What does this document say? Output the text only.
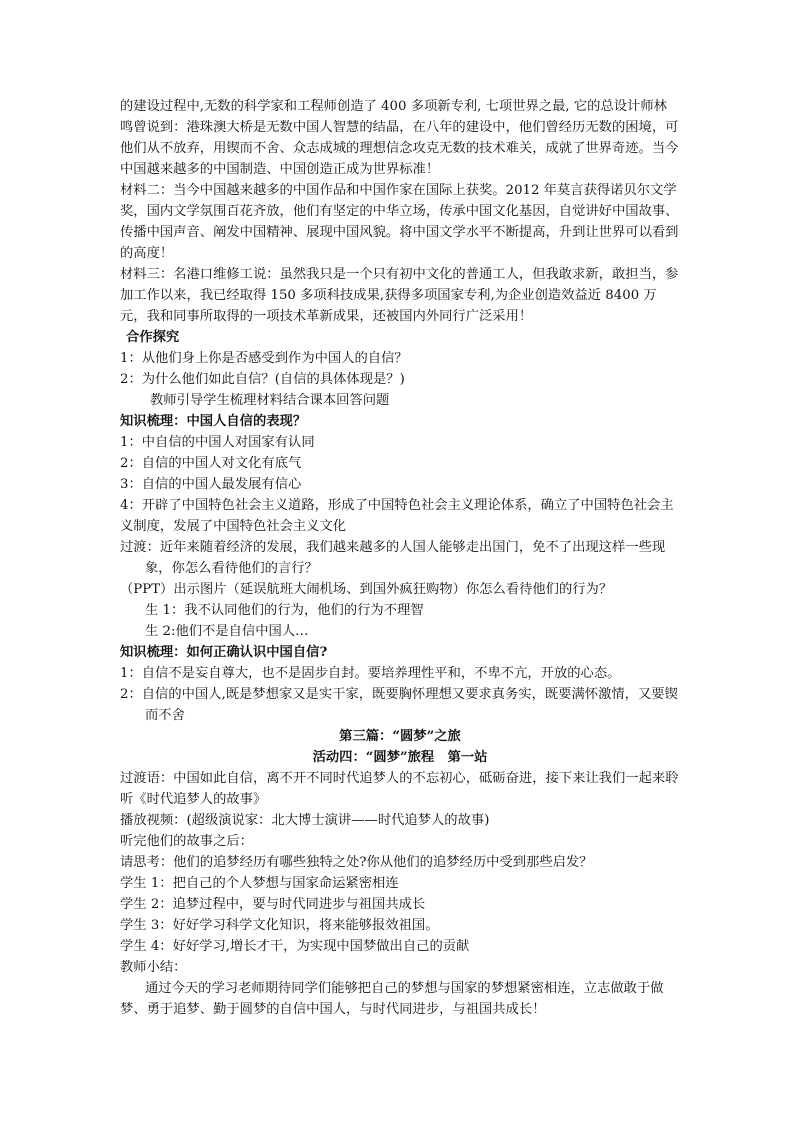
的建设过程中,无数的科学家和工程师创造了 400 多项新专利, 七项世界之最, 它的总设计师林鸣曾说到：港珠澳大桥是无数中国人智慧的结晶，在八年的建设中，他们曾经历无数的困境，可他们从不放弃，用锲而不舍、众志成城的理想信念攻克无数的技术难关，成就了世界奇迹。当今中国越来越多的中国制造、中国创造正成为世界标准！

材料二：当今中国越来越多的中国作品和中国作家在国际上获奖。2012 年莫言获得诺贝尔文学奖，国内文学氛围百花齐放，他们有坚定的中华立场，传承中国文化基因，自觉讲好中国故事、传播中国声音、阐发中国精神、展现中国风貌。将中国文学水平不断提高，升到让世界可以看到的高度！

材料三：名港口维修工说：虽然我只是一个只有初中文化的普通工人，但我敢求新，敢担当，参加工作以来，我已经取得 150 多项科技成果,获得多项国家专利,为企业创造效益近 8400 万元，我和同事所取得的一项技术革新成果，还被国内外同行广泛采用！

合作探究

1：从他们身上你是否感受到作为中国人的自信？

2：为什么他们如此自信？(自信的具体体现是？)

教师引导学生梳理材料结合课本回答问题

知识梳理：中国人自信的表现？

1：中自信的中国人对国家有认同

2：自信的中国人对文化有底气

3：自信的中国人最发展有信心

4：开辟了中国特色社会主义道路，形成了中国特色社会主义理论体系，确立了中国特色社会主义制度，发展了中国特色社会主义文化

过渡：近年来随着经济的发展，我们越来越多的人国人能够走出国门，免不了出现这样一些现象，你怎么看待他们的言行？

（PPT）出示图片（延误航班大闹机场、到国外疯狂购物）你怎么看待他们的行为？

生 1：我不认同他们的行为，他们的行为不理智

生 2:他们不是自信中国人…

知识梳理：如何正确认识中国自信?

1：自信不是妄自尊大，也不是固步自封。要培养理性平和，不卑不亢，开放的心态。

2：自信的中国人,既是梦想家又是实干家，既要胸怀理想又要求真务实，既要满怀激情，又要锲而不舍

第三篇：“圆梦”之旅

活动四：“圆梦”旅程　第一站

过渡语：中国如此自信，离不开不同时代追梦人的不忘初心，砥砺奋进，接下来让我们一起来聆听《时代追梦人的故事》

播放视频：(超级演说家：北大博士演讲——时代追梦人的故事)

听完他们的故事之后：

请思考：他们的追梦经历有哪些独特之处?你从他们的追梦经历中受到那些启发？

学生 1：把自己的个人梦想与国家命运紧密相连

学生 2：追梦过程中，要与时代同进步与祖国共成长

学生 3：好好学习科学文化知识，将来能够报效祖国。

学生 4：好好学习,增长才干，为实现中国梦做出自己的贡献

教师小结：

通过今天的学习老师期待同学们能够把自己的梦想与国家的梦想紧密相连，立志做敢于做梦、勇于追梦、勤于圆梦的自信中国人，与时代同进步，与祖国共成长！
